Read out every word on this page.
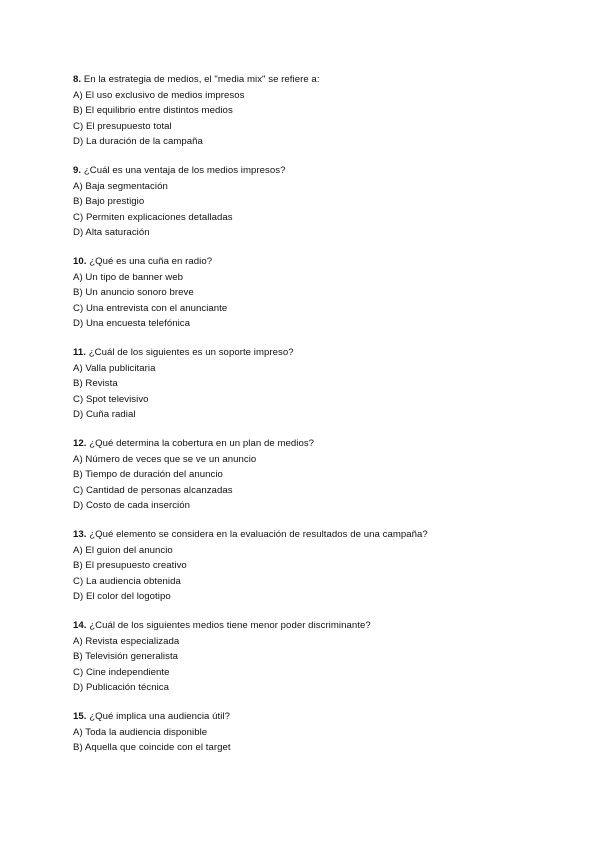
8. En la estrategia de medios, el "media mix" se refiere a:
A) El uso exclusivo de medios impresos
B) El equilibrio entre distintos medios
C) El presupuesto total
D) La duración de la campaña
9. ¿Cuál es una ventaja de los medios impresos?
A) Baja segmentación
B) Bajo prestigio
C) Permiten explicaciones detalladas
D) Alta saturación
10. ¿Qué es una cuña en radio?
A) Un tipo de banner web
B) Un anuncio sonoro breve
C) Una entrevista con el anunciante
D) Una encuesta telefónica
11. ¿Cuál de los siguientes es un soporte impreso?
A) Valla publicitaria
B) Revista
C) Spot televisivo
D) Cuña radial
12. ¿Qué determina la cobertura en un plan de medios?
A) Número de veces que se ve un anuncio
B) Tiempo de duración del anuncio
C) Cantidad de personas alcanzadas
D) Costo de cada inserción
13. ¿Qué elemento se considera en la evaluación de resultados de una campaña?
A) El guion del anuncio
B) El presupuesto creativo
C) La audiencia obtenida
D) El color del logotipo
14. ¿Cuál de los siguientes medios tiene menor poder discriminante?
A) Revista especializada
B) Televisión generalista
C) Cine independiente
D) Publicación técnica
15. ¿Qué implica una audiencia útil?
A) Toda la audiencia disponible
B) Aquella que coincide con el target
